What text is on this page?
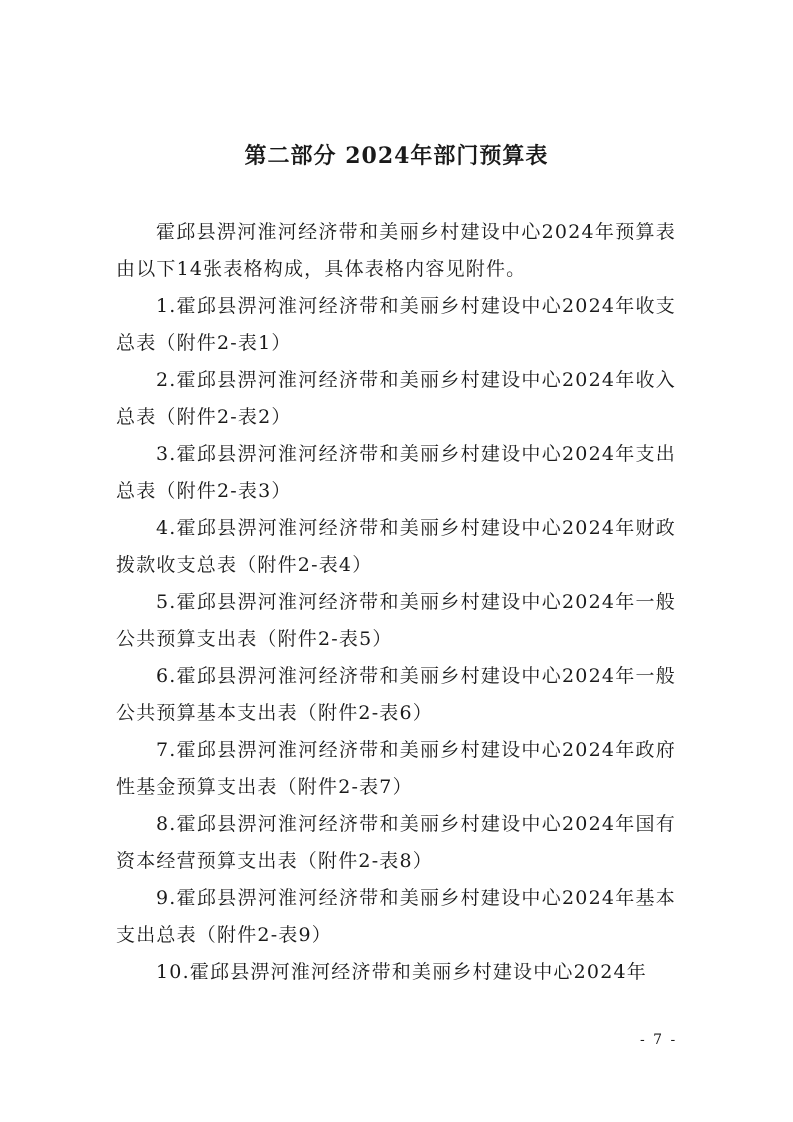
第二部分 2024年部门预算表

霍邱县淠河淮河经济带和美丽乡村建设中心2024年预算表由以下14张表格构成，具体表格内容见附件。

1.霍邱县淠河淮河经济带和美丽乡村建设中心2024年收支总表（附件2-表1）

2.霍邱县淠河淮河经济带和美丽乡村建设中心2024年收入总表（附件2-表2）

3.霍邱县淠河淮河经济带和美丽乡村建设中心2024年支出总表（附件2-表3）

4.霍邱县淠河淮河经济带和美丽乡村建设中心2024年财政拨款收支总表（附件2-表4）

5.霍邱县淠河淮河经济带和美丽乡村建设中心2024年一般公共预算支出表（附件2-表5）

6.霍邱县淠河淮河经济带和美丽乡村建设中心2024年一般公共预算基本支出表（附件2-表6）

7.霍邱县淠河淮河经济带和美丽乡村建设中心2024年政府性基金预算支出表（附件2-表7）

8.霍邱县淠河淮河经济带和美丽乡村建设中心2024年国有资本经营预算支出表（附件2-表8）

9.霍邱县淠河淮河经济带和美丽乡村建设中心2024年基本支出总表（附件2-表9）

10.霍邱县淠河淮河经济带和美丽乡村建设中心2024年

- 7 -
